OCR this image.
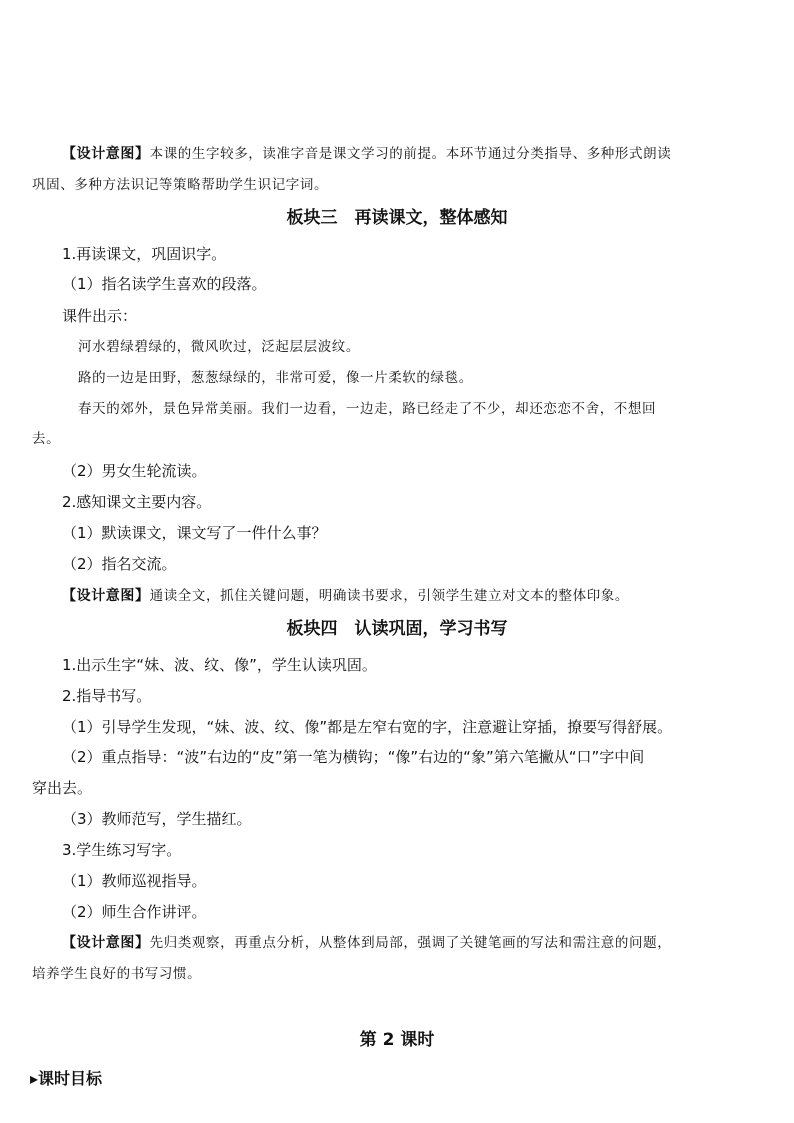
【设计意图】本课的生字较多，读准字音是课文学习的前提。本环节通过分类指导、多种形式朗读
巩固、多种方法识记等策略帮助学生识记字词。
板块三　再读课文，整体感知
1.再读课文，巩固识字。
（1）指名读学生喜欢的段落。
课件出示：
河水碧绿碧绿的，微风吹过，泛起层层波纹。
路的一边是田野，葱葱绿绿的，非常可爱，像一片柔软的绿毯。
春天的郊外，景色异常美丽。我们一边看，一边走，路已经走了不少，却还恋恋不舍，不想回
去。
（2）男女生轮流读。
2.感知课文主要内容。
（1）默读课文，课文写了一件什么事？
（2）指名交流。
【设计意图】通读全文，抓住关键问题，明确读书要求，引领学生建立对文本的整体印象。
板块四　认读巩固，学习书写
1.出示生字“妹、波、纹、像”，学生认读巩固。
2.指导书写。
（1）引导学生发现，“妹、波、纹、像”都是左窄右宽的字，注意避让穿插，撩要写得舒展。
（2）重点指导：“波”右边的“皮”第一笔为横钩；“像”右边的“象”第六笔撇从“口”字中间
穿出去。
（3）教师范写，学生描红。
3.学生练习写字。
（1）教师巡视指导。
（2）师生合作讲评。
【设计意图】先归类观察，再重点分析，从整体到局部，强调了关键笔画的写法和需注意的问题，
培养学生良好的书写习惯。
第 2 课时
▸课时目标
